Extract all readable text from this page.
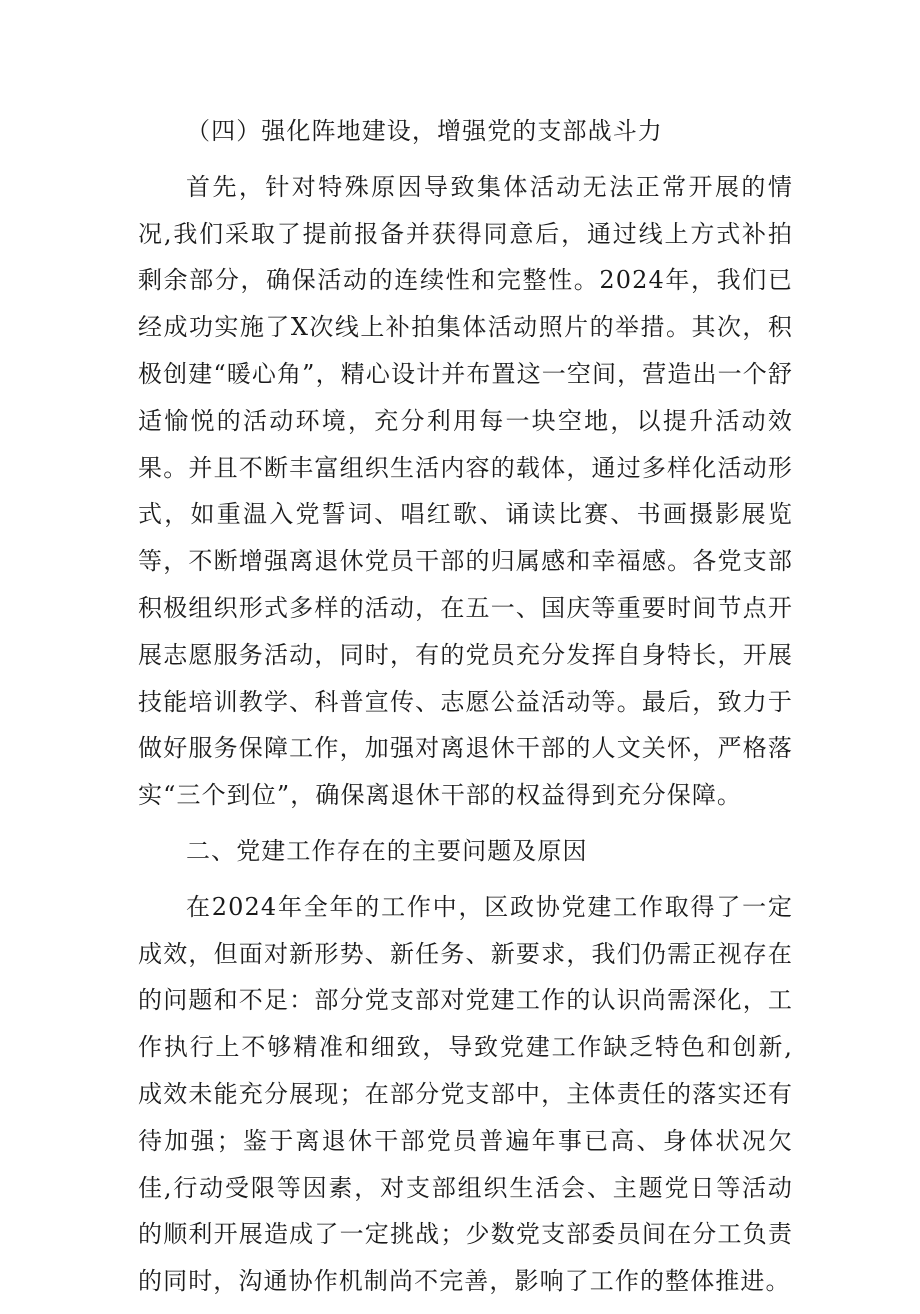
（四）强化阵地建设，增强党的支部战斗力

首先，针对特殊原因导致集体活动无法正常开展的情况,我们采取了提前报备并获得同意后，通过线上方式补拍剩余部分，确保活动的连续性和完整性。2024年，我们已经成功实施了X次线上补拍集体活动照片的举措。其次，积极创建“暖心角”，精心设计并布置这一空间，营造出一个舒适愉悦的活动环境，充分利用每一块空地，以提升活动效果。并且不断丰富组织生活内容的载体，通过多样化活动形式，如重温入党誓词、唱红歌、诵读比赛、书画摄影展览等，不断增强离退休党员干部的归属感和幸福感。各党支部积极组织形式多样的活动，在五一、国庆等重要时间节点开展志愿服务活动，同时，有的党员充分发挥自身特长，开展技能培训教学、科普宣传、志愿公益活动等。最后，致力于做好服务保障工作，加强对离退休干部的人文关怀，严格落实“三个到位”，确保离退休干部的权益得到充分保障。

二、党建工作存在的主要问题及原因

在2024年全年的工作中，区政协党建工作取得了一定成效，但面对新形势、新任务、新要求，我们仍需正视存在的问题和不足：部分党支部对党建工作的认识尚需深化，工作执行上不够精准和细致，导致党建工作缺乏特色和创新,成效未能充分展现；在部分党支部中，主体责任的落实还有待加强；鉴于离退休干部党员普遍年事已高、身体状况欠佳,行动受限等因素，对支部组织生活会、主题党日等活动的顺利开展造成了一定挑战；少数党支部委员间在分工负责的同时，沟通协作机制尚不完善，影响了工作的整体推进。
